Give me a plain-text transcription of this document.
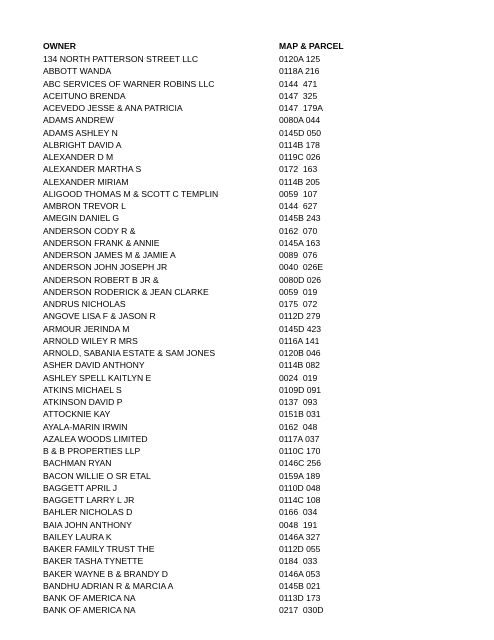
OWNER	MAP & PARCEL
134 NORTH PATTERSON STREET LLC	0120A 125
ABBOTT WANDA	0118A 216
ABC SERVICES OF WARNER ROBINS LLC	0144  471
ACEITUNO BRENDA	0147  325
ACEVEDO JESSE & ANA PATRICIA	0147  179A
ADAMS ANDREW	0080A 044
ADAMS ASHLEY N	0145D 050
ALBRIGHT DAVID A	0114B 178
ALEXANDER D M	0119C 026
ALEXANDER MARTHA S	0172  163
ALEXANDER MIRIAM	0114B 205
ALIGOOD THOMAS M & SCOTT C TEMPLIN	0059  107
AMBRON TREVOR L	0144  627
AMEGIN DANIEL G	0145B 243
ANDERSON CODY R &	0162  070
ANDERSON FRANK & ANNIE	0145A 163
ANDERSON JAMES M & JAMIE A	0089  076
ANDERSON JOHN JOSEPH JR	0040  026E
ANDERSON ROBERT B JR &	0080D 026
ANDERSON RODERICK & JEAN CLARKE	0059  019
ANDRUS NICHOLAS	0175  072
ANGOVE LISA F & JASON R	0112D 279
ARMOUR JERINDA M	0145D 423
ARNOLD WILEY R MRS	0116A 141
ARNOLD, SABANIA ESTATE & SAM JONES	0120B 046
ASHER DAVID ANTHONY	0114B 082
ASHLEY SPELL KAITLYN E	0024  019
ATKINS MICHAEL S	0109D 091
ATKINSON DAVID P	0137  093
ATTOCKNIE KAY	0151B 031
AYALA-MARIN IRWIN	0162  048
AZALEA WOODS LIMITED	0117A 037
B & B PROPERTIES LLP	0110C 170
BACHMAN RYAN	0146C 256
BACON WILLIE O SR ETAL	0159A 189
BAGGETT APRIL J	0110D 048
BAGGETT LARRY L JR	0114C 108
BAHLER NICHOLAS D	0166  034
BAIA JOHN ANTHONY	0048  191
BAILEY LAURA K	0146A 327
BAKER FAMILY TRUST THE	0112D 055
BAKER TASHA TYNETTE	0184  033
BAKER WAYNE B & BRANDY D	0146A 053
BANDHU ADRIAN R & MARCIA A	0145B 021
BANK OF AMERICA NA	0113D 173
BANK OF AMERICA NA	0217  030D
